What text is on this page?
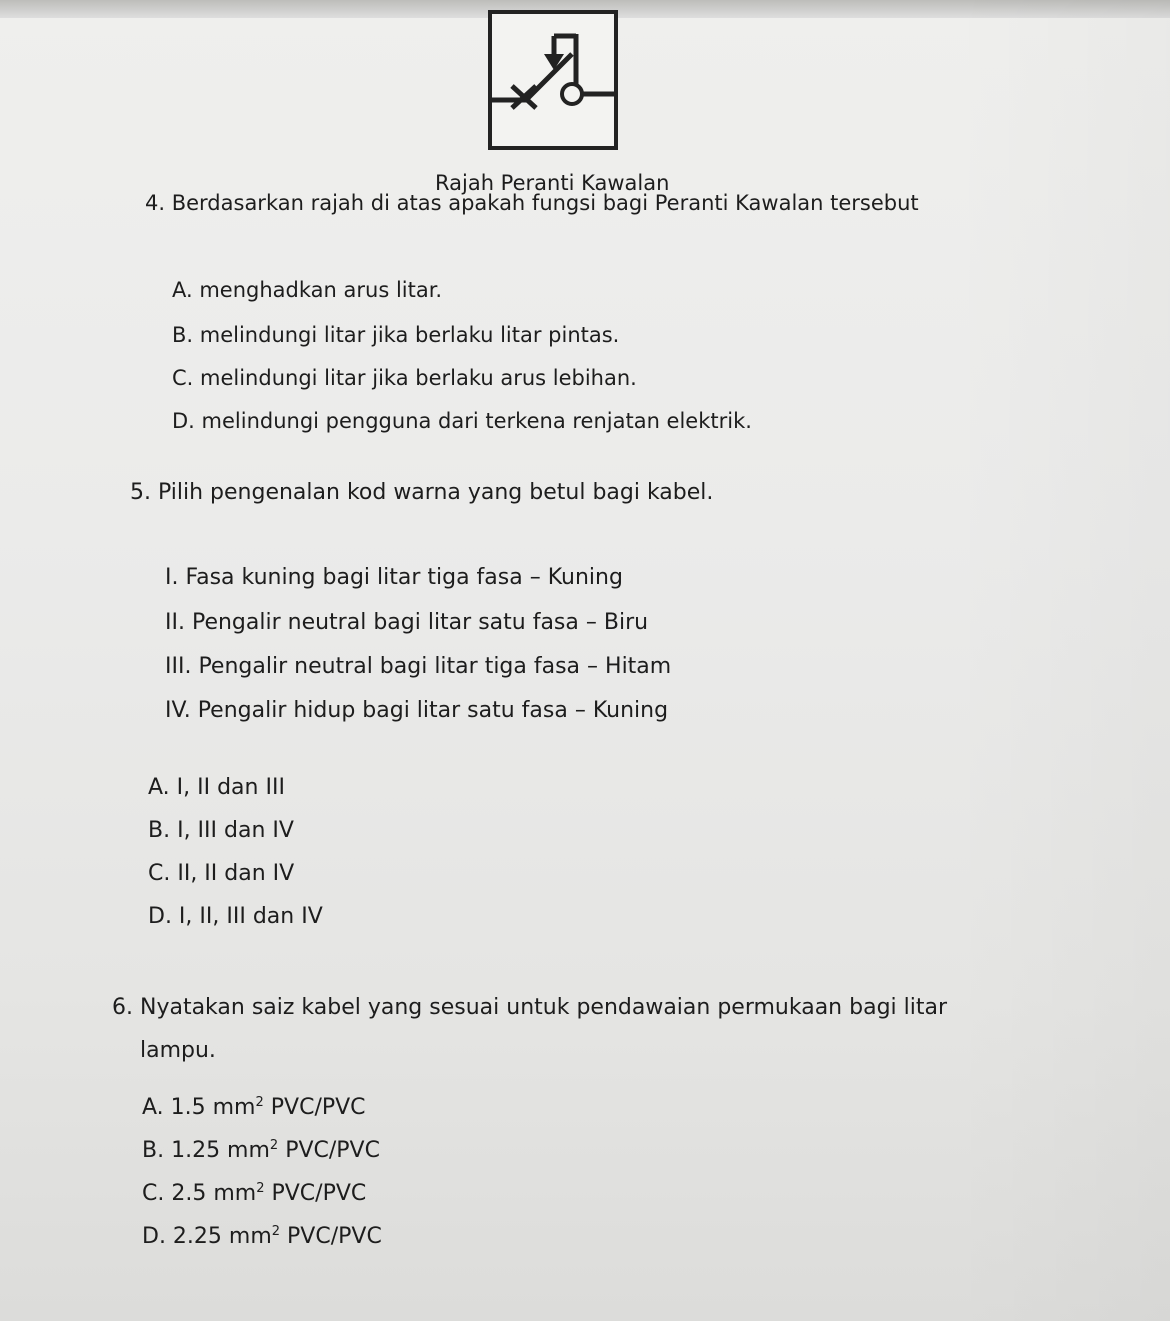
Rajah Peranti Kawalan
4. Berdasarkan rajah di atas apakah fungsi bagi Peranti Kawalan tersebut
A. menghadkan arus litar.
B. melindungi litar jika berlaku litar pintas.
C. melindungi litar jika berlaku arus lebihan.
D. melindungi pengguna dari terkena renjatan elektrik.
5. Pilih pengenalan kod warna yang betul bagi kabel.
I. Fasa kuning bagi litar tiga fasa – Kuning
II. Pengalir neutral bagi litar satu fasa – Biru
III. Pengalir neutral bagi litar tiga fasa – Hitam
IV. Pengalir hidup bagi litar satu fasa – Kuning
A. I, II dan III
B. I, III dan IV
C. II, II dan IV
D. I, II, III dan IV
6. Nyatakan saiz kabel yang sesuai untuk pendawaian permukaan bagi litar
lampu.
A. 1.5 $mm^2$ PVC/PVC
B. 1.25 $mm^2$ PVC/PVC
C. 2.5 $mm^2$ PVC/PVC
D. 2.25 $mm^2$ PVC/PVC
